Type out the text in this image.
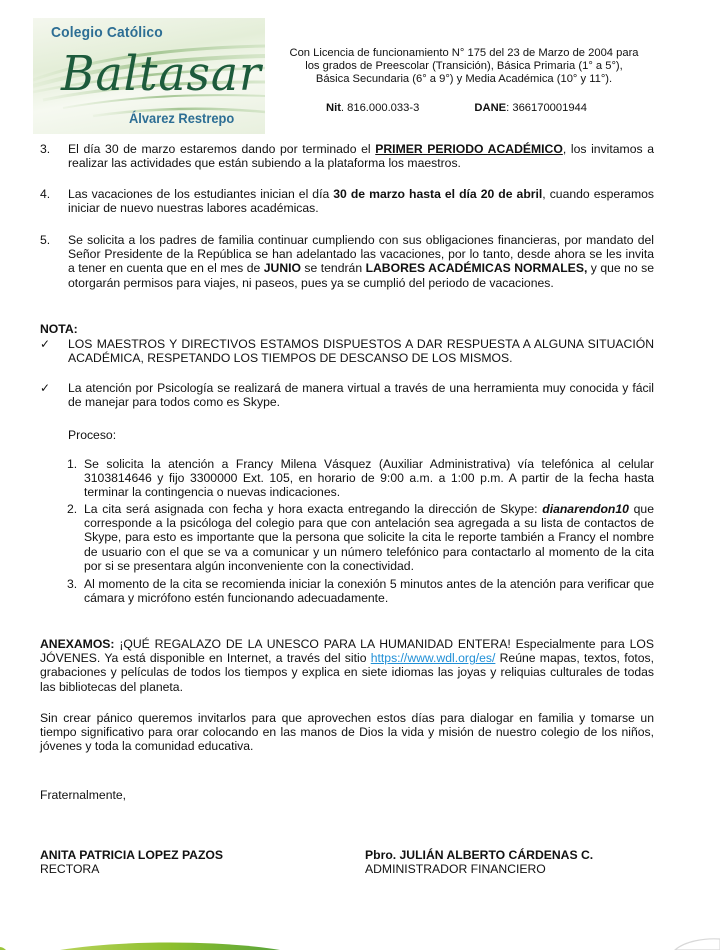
Colegio Católico
Baltasar
Álvarez Restrepo
Con Licencia de funcionamiento N° 175 del 23 de Marzo de 2004 para
los grados de Preescolar (Transición), Básica Primaria (1° a 5°),
Básica Secundaria (6° a 9°) y Media Académica (10° y 11°).
Nit. 816.000.033-3	DANE: 366170001944
3. El día 30 de marzo estaremos dando por terminado el PRIMER PERIODO ACADÉMICO, los invitamos a realizar las actividades que están subiendo a la plataforma los maestros.
4. Las vacaciones de los estudiantes inician el día 30 de marzo hasta el día 20 de abril, cuando esperamos iniciar de nuevo nuestras labores académicas.
5. Se solicita a los padres de familia continuar cumpliendo con sus obligaciones financieras, por mandato del Señor Presidente de la República se han adelantado las vacaciones, por lo tanto, desde ahora se les invita a tener en cuenta que en el mes de JUNIO se tendrán LABORES ACADÉMICAS NORMALES, y que no se otorgarán permisos para viajes, ni paseos, pues ya se cumplió del periodo de vacaciones.
NOTA:
✓ LOS MAESTROS Y DIRECTIVOS ESTAMOS DISPUESTOS A DAR RESPUESTA A ALGUNA SITUACIÓN ACADÉMICA, RESPETANDO LOS TIEMPOS DE DESCANSO DE LOS MISMOS.
✓ La atención por Psicología se realizará de manera virtual a través de una herramienta muy conocida y fácil de manejar para todos como es Skype.
Proceso:
1. Se solicita la atención a Francy Milena Vásquez (Auxiliar Administrativa) vía telefónica al celular 3103814646 y fijo 3300000 Ext. 105, en horario de 9:00 a.m. a 1:00 p.m. A partir de la fecha hasta terminar la contingencia o nuevas indicaciones.
2. La cita será asignada con fecha y hora exacta entregando la dirección de Skype: dianarendon10 que corresponde a la psicóloga del colegio para que con antelación sea agregada a su lista de contactos de Skype, para esto es importante que la persona que solicite la cita le reporte también a Francy el nombre de usuario con el que se va a comunicar y un número telefónico para contactarlo al momento de la cita por si se presentara algún inconveniente con la conectividad.
3. Al momento de la cita se recomienda iniciar la conexión 5 minutos antes de la atención para verificar que cámara y micrófono estén funcionando adecuadamente.
ANEXAMOS: ¡QUÉ REGALAZO DE LA UNESCO PARA LA HUMANIDAD ENTERA! Especialmente para LOS JÓVENES. Ya está disponible en Internet, a través del sitio https://www.wdl.org/es/ Reúne mapas, textos, fotos, grabaciones y películas de todos los tiempos y explica en siete idiomas las joyas y reliquias culturales de todas las bibliotecas del planeta.
Sin crear pánico queremos invitarlos para que aprovechen estos días para dialogar en familia y tomarse un tiempo significativo para orar colocando en las manos de Dios la vida y misión de nuestro colegio de los niños, jóvenes y toda la comunidad educativa.
Fraternalmente,
ANITA PATRICIA LOPEZ PAZOS
RECTORA
Pbro. JULIÁN ALBERTO CÁRDENAS C.
ADMINISTRADOR FINANCIERO
